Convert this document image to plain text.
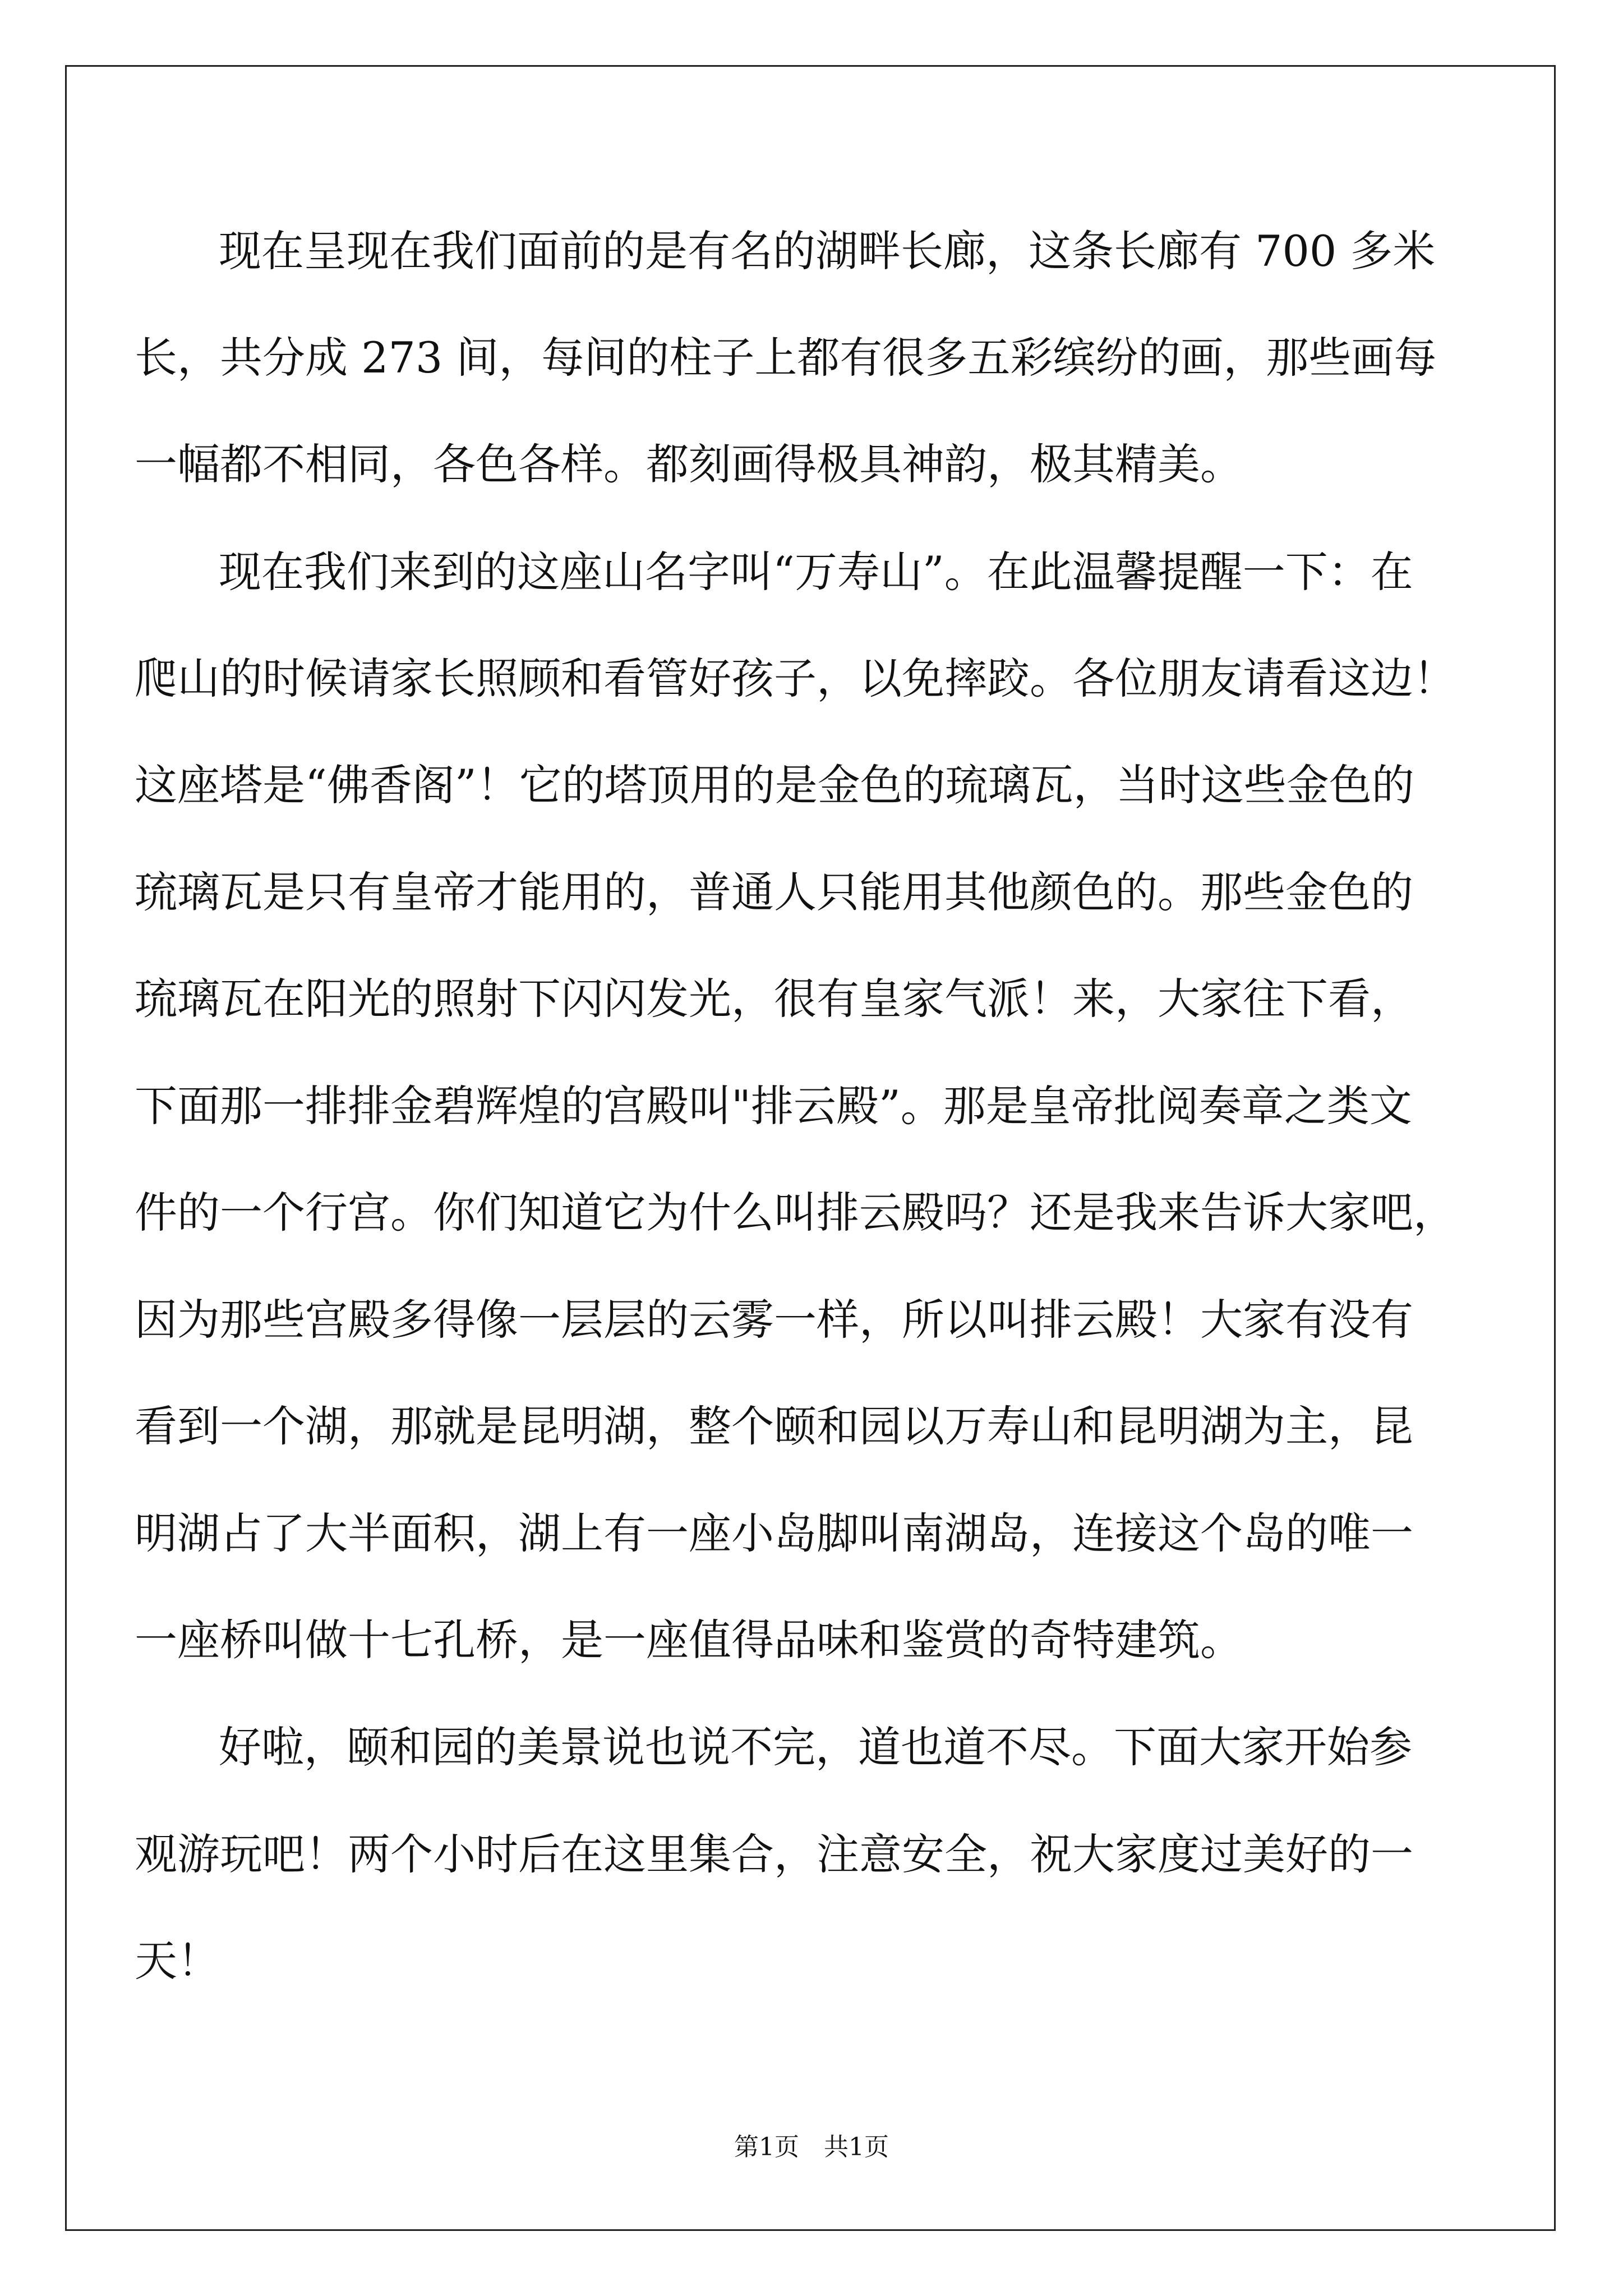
现在呈现在我们面前的是有名的湖畔长廊，这条长廊有 700 多米
长，共分成 273 间，每间的柱子上都有很多五彩缤纷的画，那些画每
一幅都不相同，各色各样。都刻画得极具神韵，极其精美。
现在我们来到的这座山名字叫“万寿山”。在此温馨提醒一下：在
爬山的时候请家长照顾和看管好孩子，以免摔跤。各位朋友请看这边！
这座塔是“佛香阁”！它的塔顶用的是金色的琉璃瓦，当时这些金色的
琉璃瓦是只有皇帝才能用的，普通人只能用其他颜色的。那些金色的
琉璃瓦在阳光的照射下闪闪发光，很有皇家气派！来，大家往下看，
下面那一排排金碧辉煌的宫殿叫"排云殿”。那是皇帝批阅奏章之类文
件的一个行宫。你们知道它为什么叫排云殿吗？还是我来告诉大家吧，
因为那些宫殿多得像一层层的云雾一样，所以叫排云殿！大家有没有
看到一个湖，那就是昆明湖，整个颐和园以万寿山和昆明湖为主，昆
明湖占了大半面积，湖上有一座小岛脚叫南湖岛，连接这个岛的唯一
一座桥叫做十七孔桥，是一座值得品味和鉴赏的奇特建筑。
好啦，颐和园的美景说也说不完，道也道不尽。下面大家开始参
观游玩吧！两个小时后在这里集合，注意安全，祝大家度过美好的一
天！
第1页　共1页
